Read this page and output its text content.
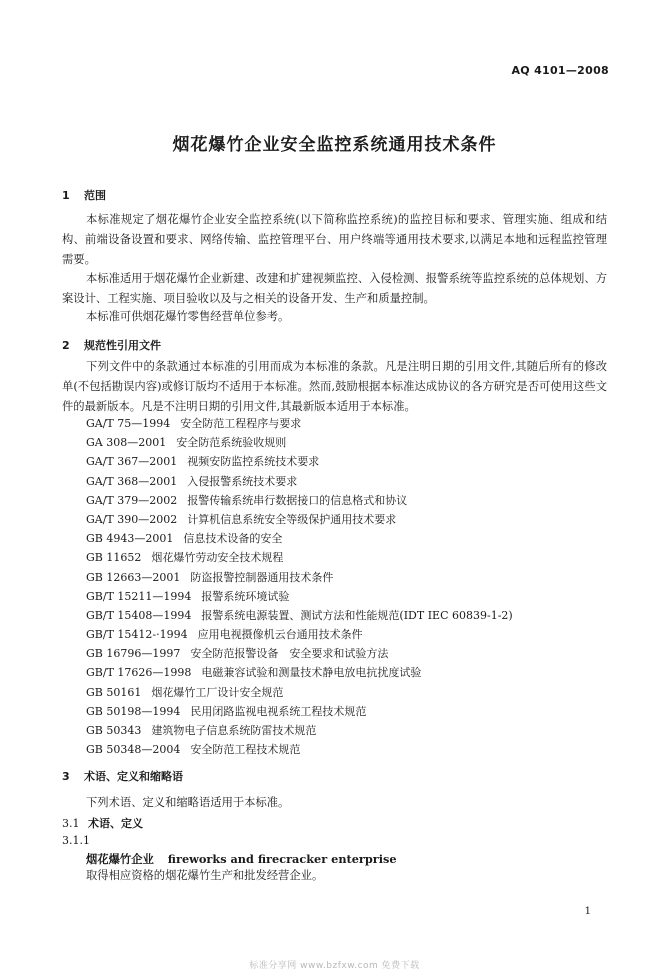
AQ 4101—2008
烟花爆竹企业安全监控系统通用技术条件
1 范围

本标准规定了烟花爆竹企业安全监控系统(以下简称监控系统)的监控目标和要求、管理实施、组成和结构、前端设备设置和要求、网络传输、监控管理平台、用户终端等通用技术要求,以满足本地和远程监控管理需要。

本标准适用于烟花爆竹企业新建、改建和扩建视频监控、入侵检测、报警系统等监控系统的总体规划、方案设计、工程实施、项目验收以及与之相关的设备开发、生产和质量控制。

本标准可供烟花爆竹零售经营单位参考。

2 规范性引用文件

下列文件中的条款通过本标准的引用而成为本标准的条款。凡是注明日期的引用文件,其随后所有的修改单(不包括勘误内容)或修订版均不适用于本标准。然而,鼓励根据本标准达成协议的各方研究是否可使用这些文件的最新版本。凡是不注明日期的引用文件,其最新版本适用于本标准。

GA/T 75—1994 安全防范工程程序与要求
GA 308—2001 安全防范系统验收规则
GA/T 367—2001 视频安防监控系统技术要求
GA/T 368—2001 入侵报警系统技术要求
GA/T 379—2002 报警传输系统串行数据接口的信息格式和协议
GA/T 390—2002 计算机信息系统安全等级保护通用技术要求
GB 4943—2001 信息技术设备的安全
GB 11652 烟花爆竹劳动安全技术规程
GB 12663—2001 防盗报警控制器通用技术条件
GB/T 15211—1994 报警系统环境试验
GB/T 15408—1994 报警系统电源装置、测试方法和性能规范(IDT IEC 60839-1-2)
GB/T 15412-·1994 应用电视摄像机云台通用技术条件
GB 16796—1997 安全防范报警设备　安全要求和试验方法
GB/T 17626—1998 电磁兼容试验和测量技术静电放电抗扰度试验
GB 50161 烟花爆竹工厂设计安全规范
GB 50198—1994 民用闭路监视电视系统工程技术规范
GB 50343 建筑物电子信息系统防雷技术规范
GB 50348—2004 安全防范工程技术规范
3 术语、定义和缩略语

下列术语、定义和缩略语适用于本标准。

3.1 术语、定义
3.1.1
烟花爆竹企业 fireworks and firecracker enterprise

取得相应资格的烟花爆竹生产和批发经营企业。

1
标准分享网 www.bzfxw.com 免费下载
